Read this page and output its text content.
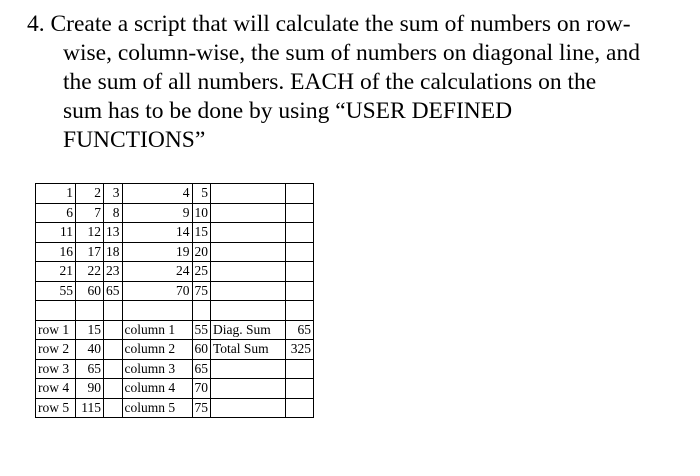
4. Create a script that will calculate the sum of numbers on row-
wise, column-wise, the sum of numbers on diagonal line, and
the sum of all numbers. EACH of the calculations on the
sum has to be done by using “USER DEFINED
FUNCTIONS”
1	2	3	4	5		
6	7	8	9	10		
11	12	13	14	15		
16	17	18	19	20		
21	22	23	24	25		
55	60	65	70	75		

row 1	15		column 1	55	Diag. Sum	65
row 2	40		column 2	60	Total Sum	325
row 3	65		column 3	65		
row 4	90		column 4	70		
row 5	115		column 5	75		
